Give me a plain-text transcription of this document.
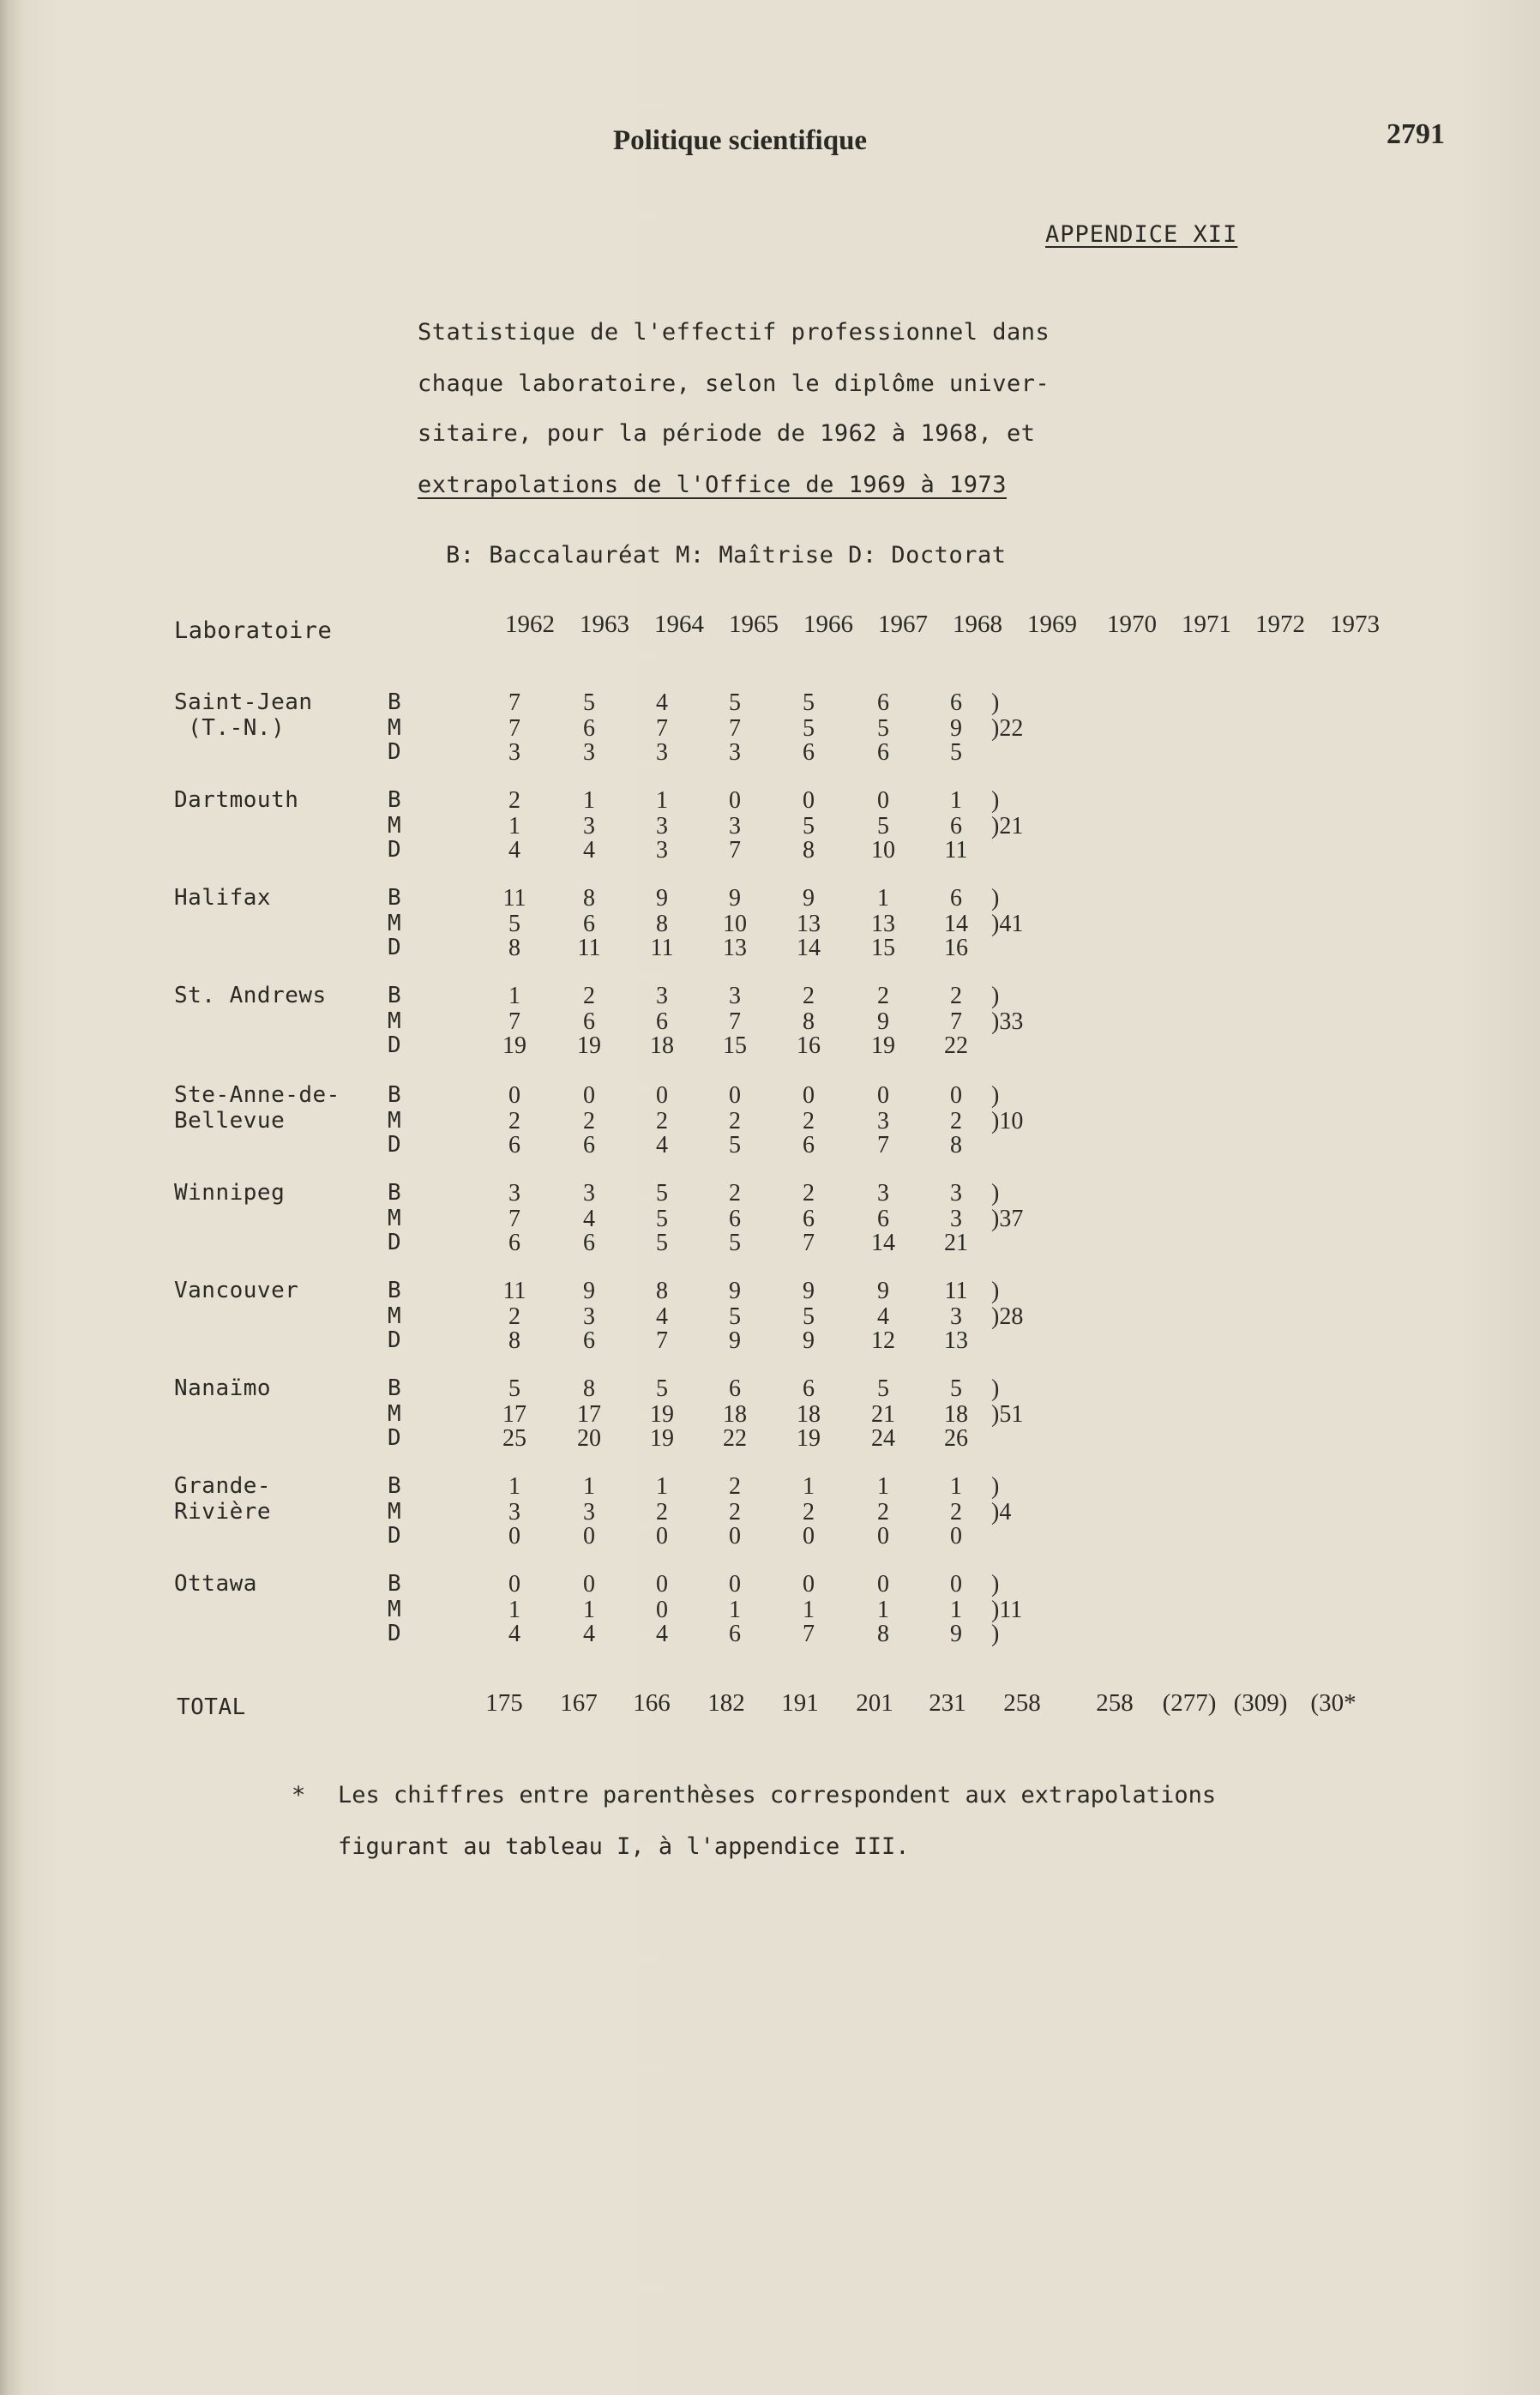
Politique scientifique	2791
APPENDICE XII
Statistique de l'effectif professionnel dans
chaque laboratoire, selon le diplôme univer-
sitaire, pour la période de 1962 à 1968, et
extrapolations de l'Office de 1969 à 1973
B: Baccalauréat M: Maîtrise D: Doctorat
Laboratoire	1962	1963	1964	1965	1966	1967	1968	1969	1970	1971 1972	1973
Saint-Jean
(T.-N.)
B	7	5	4	5	5	6	6	)
M	7	6	7	7	5	5	9	)22
D	3	3	3	3	6	6	5
Dartmouth	B	2	1	1	0	0	0	1	)
M	1	3	3	3	5	5	6	)21
D	4	4	3	7	8	10	11
Halifax	B	11	8	9	9	9	1	6	)
M	5	6	8	10	13	13	14 )41
D	8	11	11	13	14	15	16
St. Andrews	B	1	2	3	3	2	2	2	)
M	7	6	6	7	8	9	7	)33
D	19	19	18	15	16	19	22
Ste-Anne-de-
Bellevue
B	0	0	0	0	0	0	0	)
M	2	2	2	2	2	3	2	)10
D	6	6	4	5	6	7	8
Winnipeg	B	3	3	5	2	2	3	3	)
M	7	4	5	6	6	6	3	)37
D	6	6	5	5	7	14	21
Vancouver	B	11	9	8	9	9	9	11 )
M	2	3	4	5	5	4	3	)28
D	8	6	7	9	9	12	13
Nanaïmo	B	5	8	5	6	6	5	5	)
M	17	17	19	18	18	21	18 )51
D	25	20	19	22	19	24	26
Grande-
Rivière
B	1	1	1	2	1	1	1	)
M	3	3	2	2	2	2	2	)4
D	0	0	0	0	0	0	0
Ottawa	B	0	0	0	0	0	0	0	)
M	1	1	0	1	1	1	1	)11
D	4	4	4	6	7	8	9	)
TOTAL	175	167	166	182	191	201	231	258	258	(277) (309) (30*
* Les chiffres entre parenthèses correspondent aux extrapolations
figurant au tableau I, à l'appendice III.
